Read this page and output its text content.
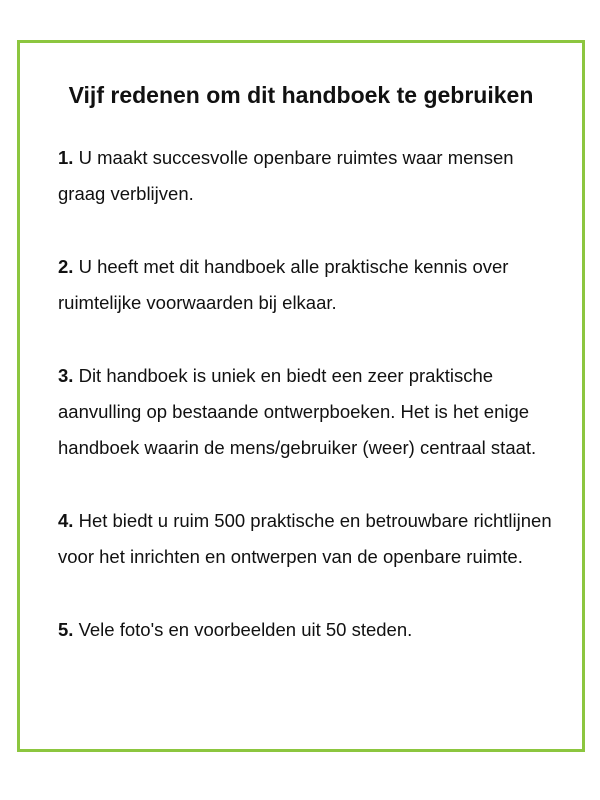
Vijf redenen om dit handboek te gebruiken
1. U maakt succesvolle openbare ruimtes waar mensen graag verblijven.
2. U heeft met dit handboek alle praktische kennis over ruimtelijke voorwaarden bij elkaar.
3. Dit handboek is uniek en biedt een zeer praktische aanvulling op bestaande ontwerpboeken. Het is het enige handboek waarin de mens/gebruiker (weer) centraal staat.
4. Het biedt u ruim 500 praktische en betrouwbare richtlijnen voor het inrichten en ontwerpen van de openbare ruimte.
5. Vele foto's en voorbeelden uit 50 steden.
